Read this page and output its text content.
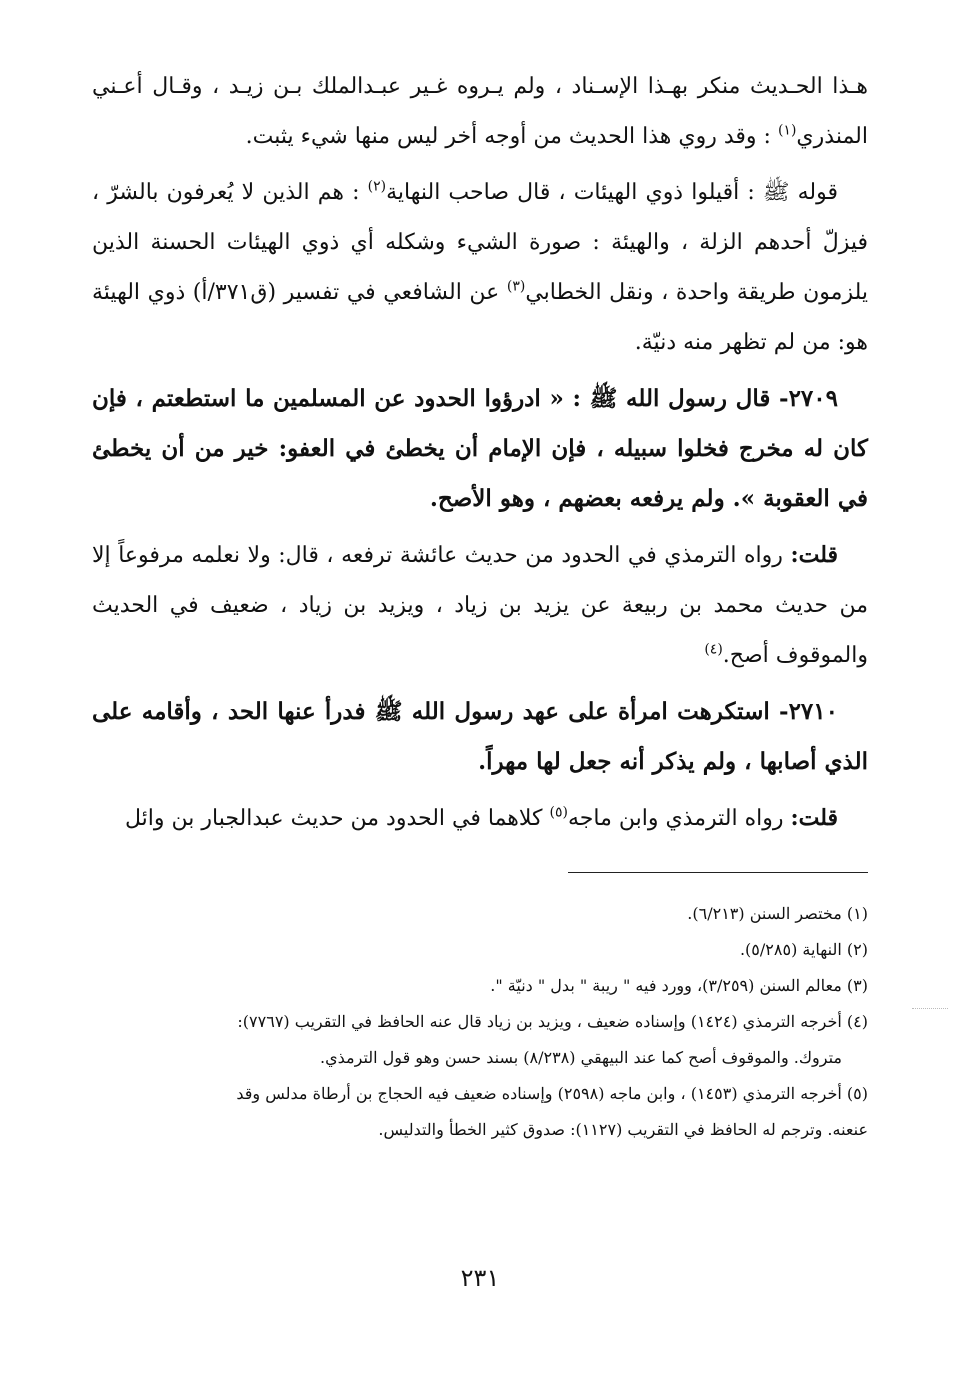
هـذا الحـديث منكر بهـذا الإسـناد ، ولم يـروه غـير عبـدالملك بـن زيـد ، وقـال أعـني المنذري$^{(١)}$ : وقد روي هذا الحديث من أوجه أخر ليس منها شيء يثبت.

قوله ﷺ : أقيلوا ذوي الهيئات ، قال صاحب النهاية$^{(٢)}$ : هم الذين لا يُعرفون بالشرّ ، فيزلّ أحدهم الزلة ، والهيئة : صورة الشيء وشكله أي ذوي الهيئات الحسنة الذين يلزمون طريقة واحدة ، ونقل الخطابي$^{(٣)}$ عن الشافعي في تفسير (ق٣٧١/أ) ذوي الهيئة هو: من لم تظهر منه دنيّة.

٢٧٠٩- قال رسول الله ﷺ : « ادرؤوا الحدود عن المسلمين ما استطعتم ، فإن كان له مخرج فخلوا سبيله ، فإن الإمام أن يخطئ في العفو: خير من أن يخطئ في العقوبة ». ولم يرفعه بعضهم ، وهو الأصح.

قلت: رواه الترمذي في الحدود من حديث عائشة ترفعه ، قال: ولا نعلمه مرفوعاً إلا من حديث محمد بن ربيعة عن يزيد بن زياد ، ويزيد بن زياد ، ضعيف في الحديث والموقوف أصح.$^{(٤)}$

٢٧١٠- استكرهت امرأة على عهد رسول الله ﷺ فدرأ عنها الحد ، وأقامه على الذي أصابها ، ولم يذكر أنه جعل لها مهراً.

قلت: رواه الترمذي وابن ماجه$^{(٥)}$ كلاهما في الحدود من حديث عبدالجبار بن وائل

(١) مختصر السنن (٦/٢١٣).

(٢) النهاية (٥/٢٨٥).

(٣) معالم السنن (٣/٢٥٩)، وورد فيه " ريبة " بدل " دنيّة ".

(٤) أخرجه الترمذي (١٤٢٤) وإسناده ضعيف ، ويزيد بن زياد قال عنه الحافظ في التقريب (٧٧٦٧):

متروك. والموقوف أصح كما عند البيهقي (٨/٢٣٨) بسند حسن وهو قول الترمذي.

(٥) أخرجه الترمذي (١٤٥٣) ، وابن ماجه (٢٥٩٨) وإسناده ضعيف فيه الحجاج بن أرطاة مدلس وقد

عنعنه. وترجم له الحافظ في التقريب (١١٢٧): صدوق كثير الخطأ والتدليس.

٢٣١
